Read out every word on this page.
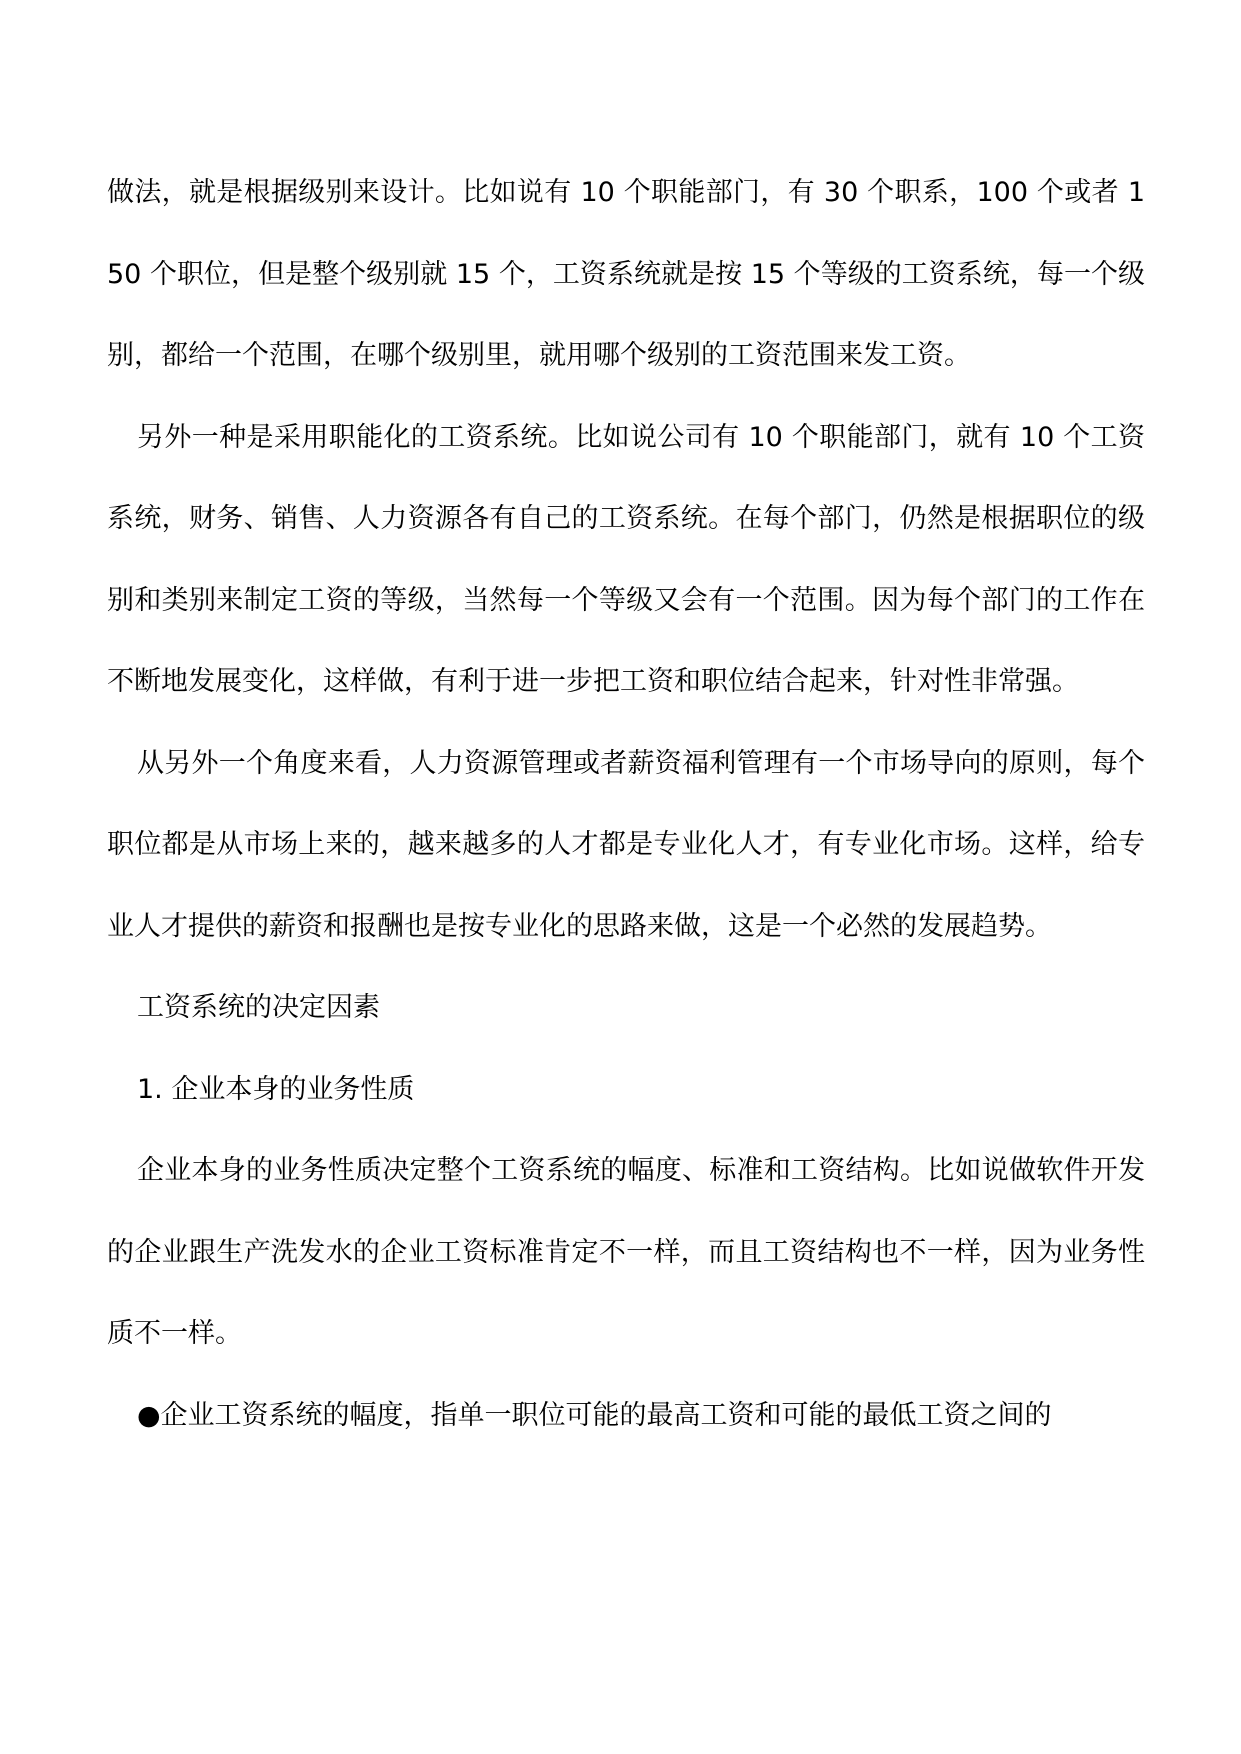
做法，就是根据级别来设计。比如说有 10 个职能部门，有 30 个职系，100 个或者 150 个职位，但是整个级别就 15 个，工资系统就是按 15 个等级的工资系统，每一个级别，都给一个范围，在哪个级别里，就用哪个级别的工资范围来发工资。

另外一种是采用职能化的工资系统。比如说公司有 10 个职能部门，就有 10 个工资系统，财务、销售、人力资源各有自己的工资系统。在每个部门，仍然是根据职位的级别和类别来制定工资的等级，当然每一个等级又会有一个范围。因为每个部门的工作在不断地发展变化，这样做，有利于进一步把工资和职位结合起来，针对性非常强。

从另外一个角度来看，人力资源管理或者薪资福利管理有一个市场导向的原则，每个职位都是从市场上来的，越来越多的人才都是专业化人才，有专业化市场。这样，给专业人才提供的薪资和报酬也是按专业化的思路来做，这是一个必然的发展趋势。

工资系统的决定因素

1. 企业本身的业务性质

企业本身的业务性质决定整个工资系统的幅度、标准和工资结构。比如说做软件开发的企业跟生产洗发水的企业工资标准肯定不一样，而且工资结构也不一样，因为业务性质不一样。

●企业工资系统的幅度，指单一职位可能的最高工资和可能的最低工资之间的
